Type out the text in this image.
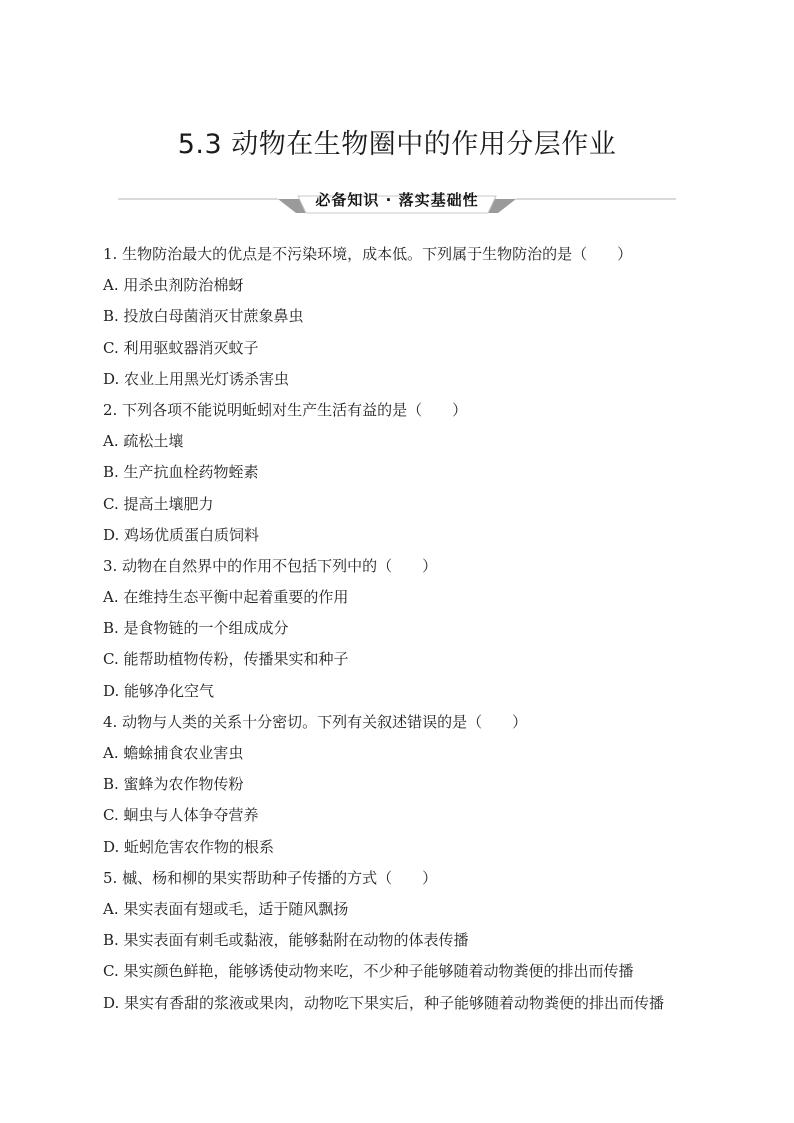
5.3 动物在生物圈中的作用分层作业
必备知识 · 落实基础性
1. 生物防治最大的优点是不污染环境，成本低。下列属于生物防治的是（　　）
A. 用杀虫剂防治棉蚜
B. 投放白母菌消灭甘蔗象鼻虫
C. 利用驱蚊器消灭蚊子
D. 农业上用黑光灯诱杀害虫
2. 下列各项不能说明蚯蚓对生产生活有益的是（　　）
A. 疏松土壤
B. 生产抗血栓药物蛭素
C. 提高土壤肥力
D. 鸡场优质蛋白质饲料
3. 动物在自然界中的作用不包括下列中的（　　）
A. 在维持生态平衡中起着重要的作用
B. 是食物链的一个组成成分
C. 能帮助植物传粉，传播果实和种子
D. 能够净化空气
4. 动物与人类的关系十分密切。下列有关叙述错误的是（　　）
A. 蟾蜍捕食农业害虫
B. 蜜蜂为农作物传粉
C. 蛔虫与人体争夺营养
D. 蚯蚓危害农作物的根系
5. 槭、杨和柳的果实帮助种子传播的方式（　　）
A. 果实表面有翅或毛，适于随风飘扬
B. 果实表面有刺毛或黏液，能够黏附在动物的体表传播
C. 果实颜色鲜艳，能够诱使动物来吃，不少种子能够随着动物粪便的排出而传播
D. 果实有香甜的浆液或果肉，动物吃下果实后，种子能够随着动物粪便的排出而传播
